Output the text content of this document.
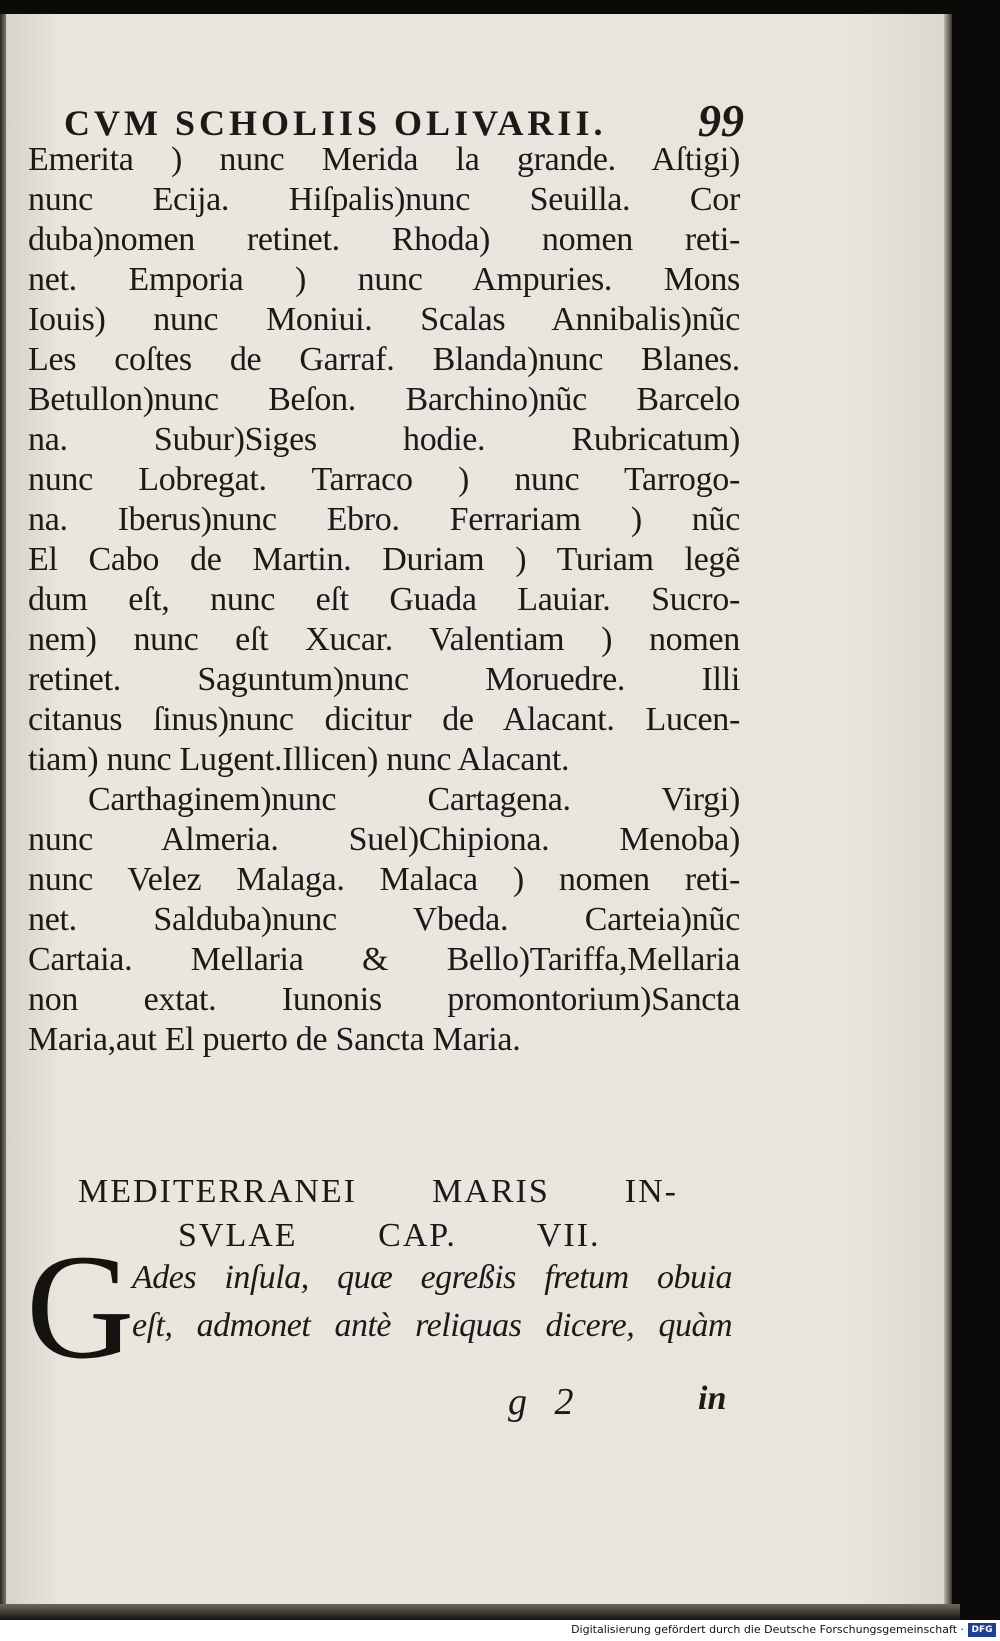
CVM SCHOLIIS OLIVARII. 99
Emerita ) nunc Merida la grande. Aſtigi)
nunc Ecija. Hiſpalis)nunc Seuilla. Cor
duba)nomen retinet. Rhoda) nomen reti-
net. Emporia ) nunc Ampuries. Mons
Iouis) nunc Moniui. Scalas Annibalis)nũc
Les coſtes de Garraf. Blanda)nunc Blanes.
Betullon)nunc Beſon. Barchino)nũc Barcelo
na. Subur)Siges hodie. Rubricatum)
nunc Lobregat. Tarraco ) nunc Tarrogo-
na. Iberus)nunc Ebro. Ferrariam ) nũc
El Cabo de Martin. Duriam ) Turiam legẽ
dum eſt, nunc eſt Guada Lauiar. Sucro-
nem) nunc eſt Xucar. Valentiam ) nomen
retinet. Saguntum)nunc Moruedre. Illi
citanus ſinus)nunc dicitur de Alacant. Lucen-
tiam) nunc Lugent.Illicen) nunc Alacant.
Carthaginem)nunc Cartagena. Virgi)
nunc Almeria. Suel)Chipiona. Menoba)
nunc Velez Malaga. Malaca ) nomen reti-
net. Salduba)nunc Vbeda. Carteia)nũc
Cartaia. Mellaria & Bello)Tariffa,Mellaria
non extat. Iunonis promontorium)Sancta
Maria,aut El puerto de Sancta Maria.
MEDITERRANEI MARIS IN-
SVLAE CAP. VII.
G
Ades inſula, quæ egreßis fretum obuia
eſt, admonet antè reliquas dicere, quàm
g 2	in
Digitalisierung gefördert durch die Deutsche Forschungsgemeinschaft · DFG
